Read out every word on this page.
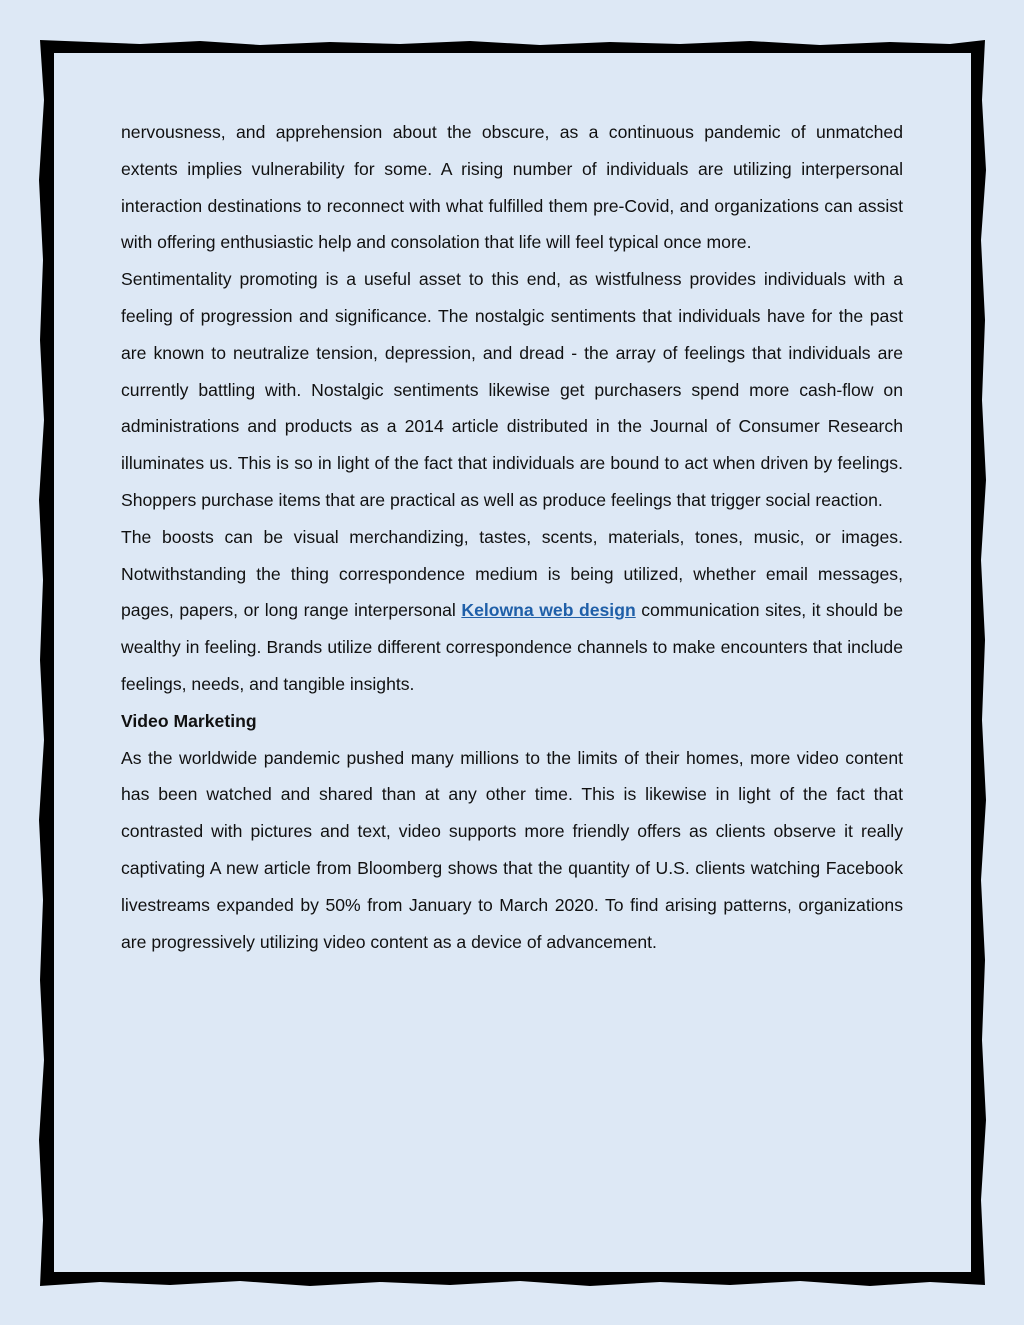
nervousness, and apprehension about the obscure, as a continuous pandemic of unmatched extents implies vulnerability for some. A rising number of individuals are utilizing interpersonal interaction destinations to reconnect with what fulfilled them pre-Covid, and organizations can assist with offering enthusiastic help and consolation that life will feel typical once more.

Sentimentality promoting is a useful asset to this end, as wistfulness provides individuals with a feeling of progression and significance. The nostalgic sentiments that individuals have for the past are known to neutralize tension, depression, and dread - the array of feelings that individuals are currently battling with. Nostalgic sentiments likewise get purchasers spend more cash-flow on administrations and products as a 2014 article distributed in the Journal of Consumer Research illuminates us. This is so in light of the fact that individuals are bound to act when driven by feelings. Shoppers purchase items that are practical as well as produce feelings that trigger social reaction.

The boosts can be visual merchandizing, tastes, scents, materials, tones, music, or images. Notwithstanding the thing correspondence medium is being utilized, whether email messages, pages, papers, or long range interpersonal Kelowna web design communication sites, it should be wealthy in feeling. Brands utilize different correspondence channels to make encounters that include feelings, needs, and tangible insights.

Video Marketing

As the worldwide pandemic pushed many millions to the limits of their homes, more video content has been watched and shared than at any other time. This is likewise in light of the fact that contrasted with pictures and text, video supports more friendly offers as clients observe it really captivating A new article from Bloomberg shows that the quantity of U.S. clients watching Facebook livestreams expanded by 50% from January to March 2020. To find arising patterns, organizations are progressively utilizing video content as a device of advancement.
